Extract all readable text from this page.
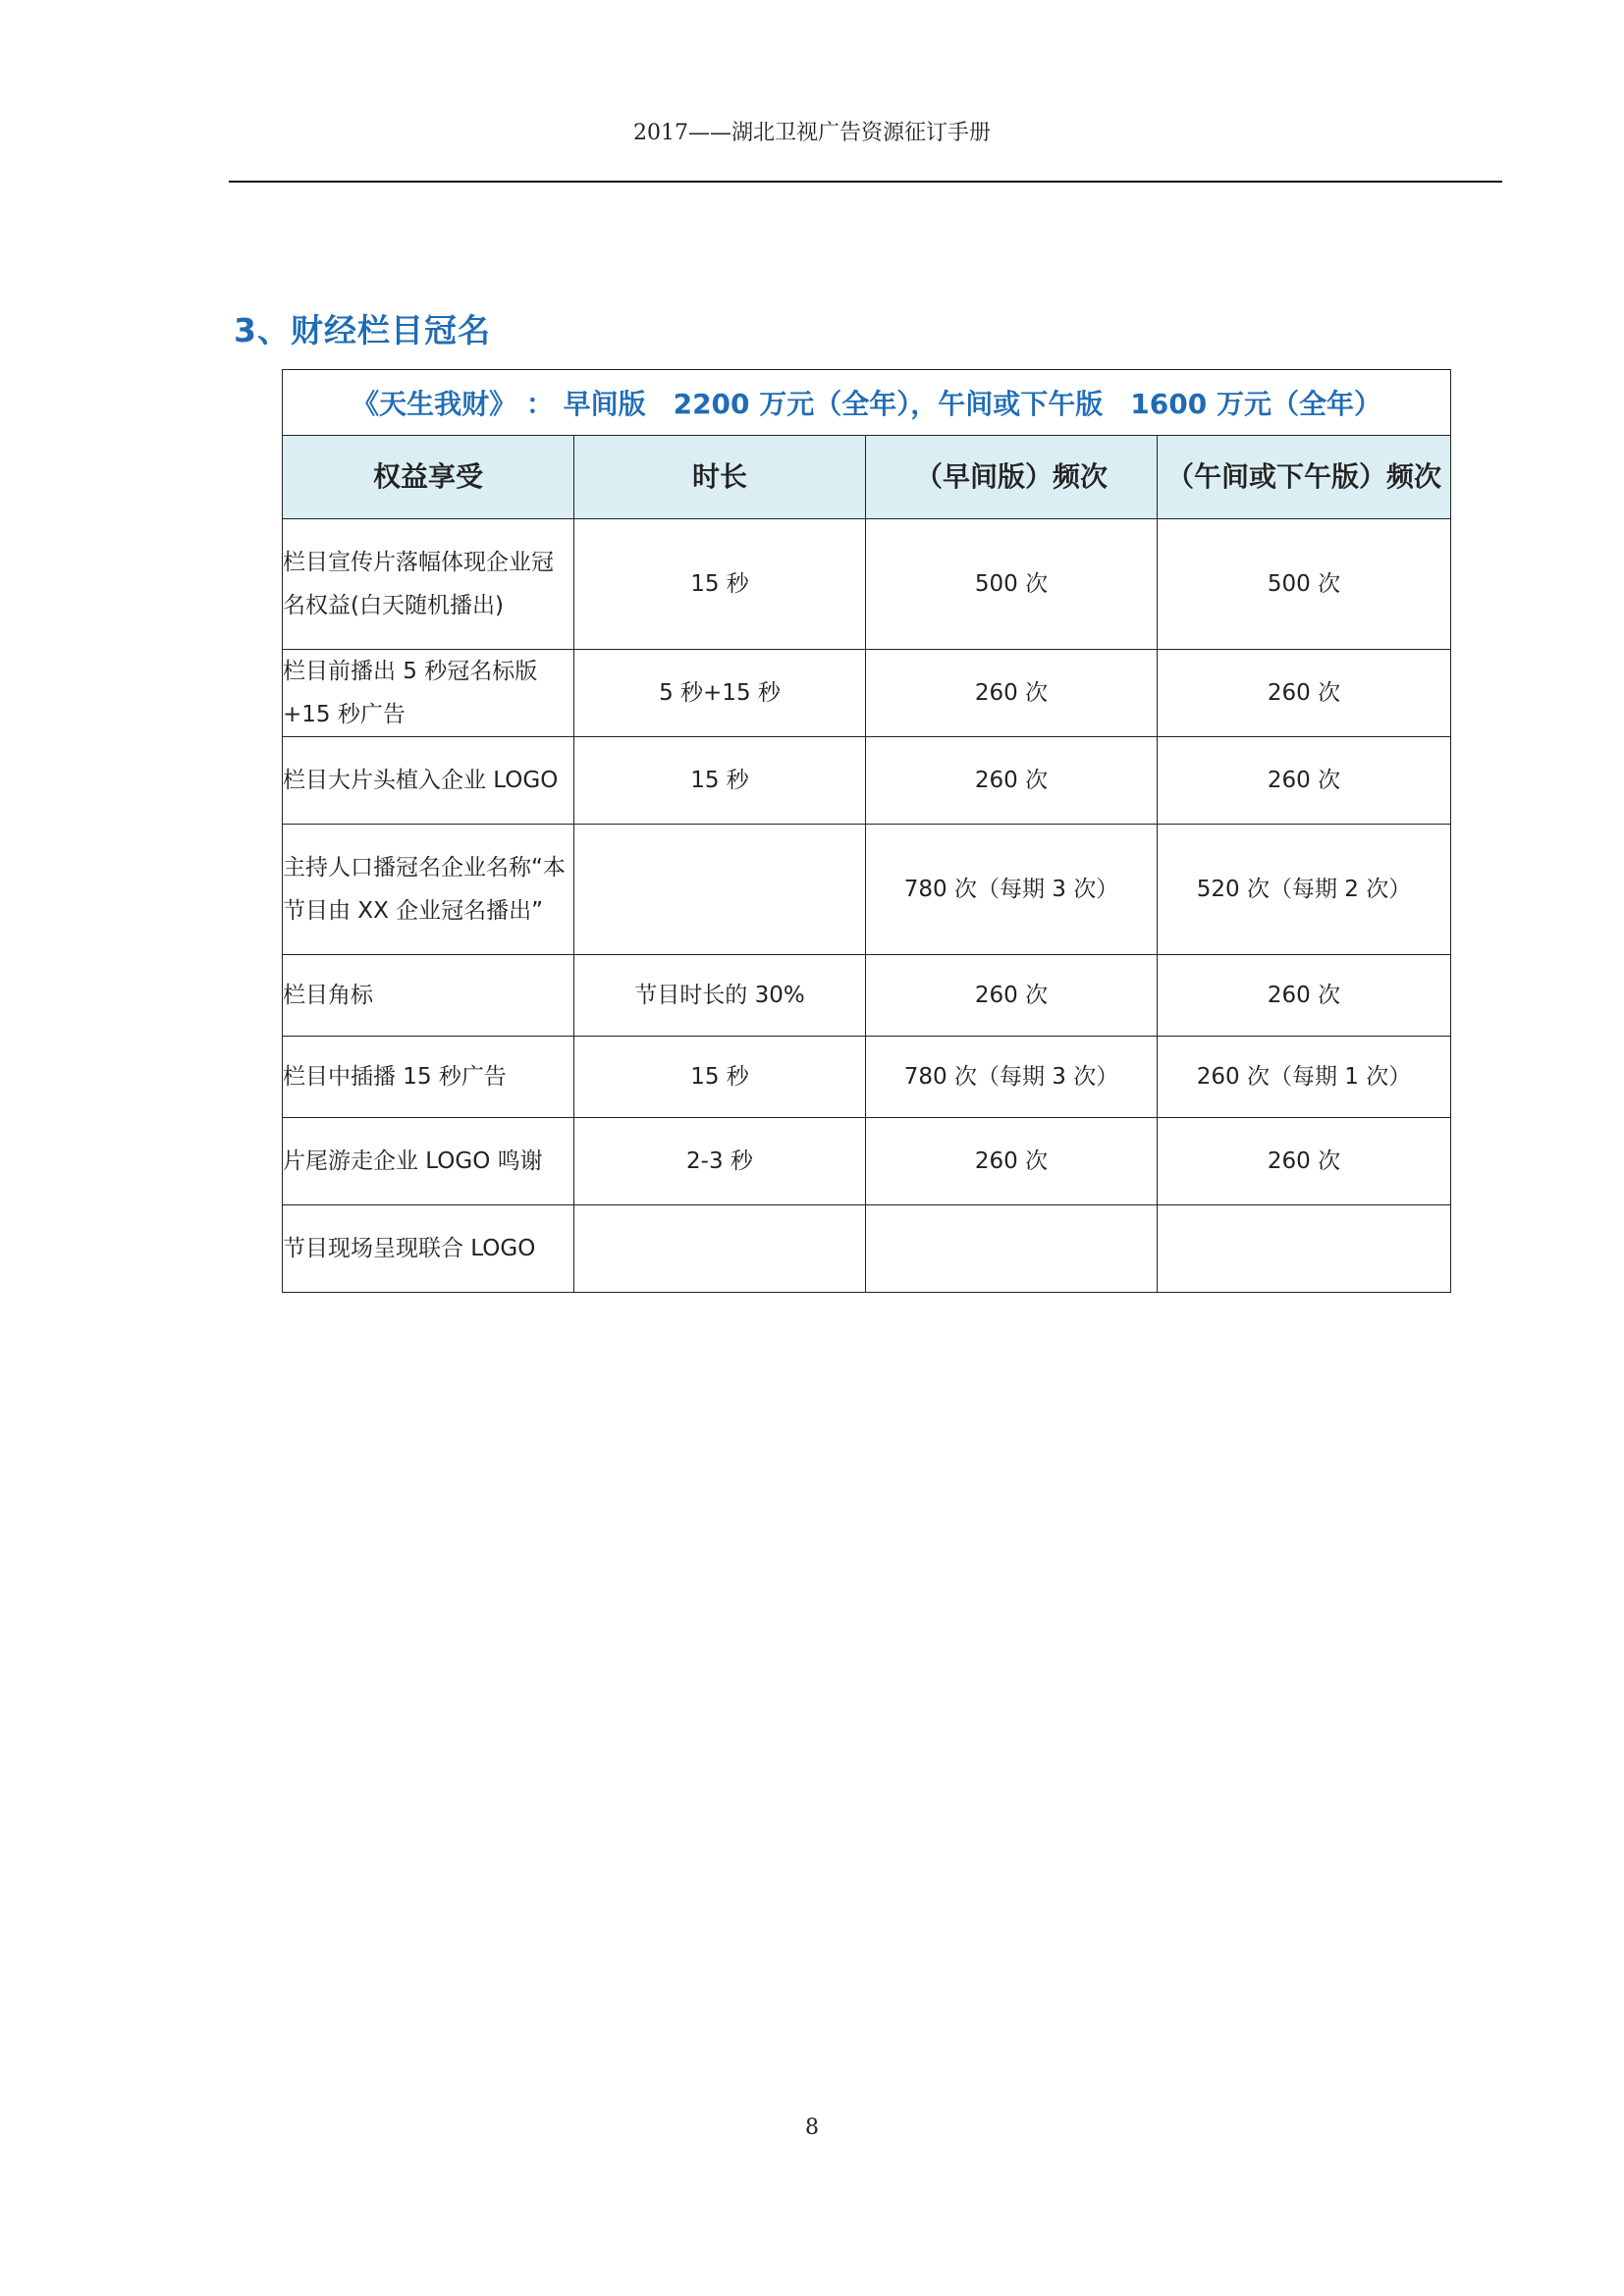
2017——湖北卫视广告资源征订手册
3、财经栏目冠名
《天生我财》 ： 早间版　2200 万元（全年），午间或下午版　1600 万元（全年）			
权益享受	时长	（早间版）频次	（午间或下午版）频次
栏目宣传片落幅体现企业冠名权益(白天随机播出)	15 秒	500 次	500 次
栏目前播出 5 秒冠名标版+15 秒广告	5 秒+15 秒	260 次	260 次
栏目大片头植入企业 LOGO	15 秒	260 次	260 次
主持人口播冠名企业名称“本节目由 XX 企业冠名播出”		780 次（每期 3 次）	520 次（每期 2 次）
栏目角标	节目时长的 30%	260 次	260 次
栏目中插播 15 秒广告	15 秒	780 次（每期 3 次）	260 次（每期 1 次）
片尾游走企业 LOGO 鸣谢	2-3 秒	260 次	260 次
节目现场呈现联合 LOGO			
8
